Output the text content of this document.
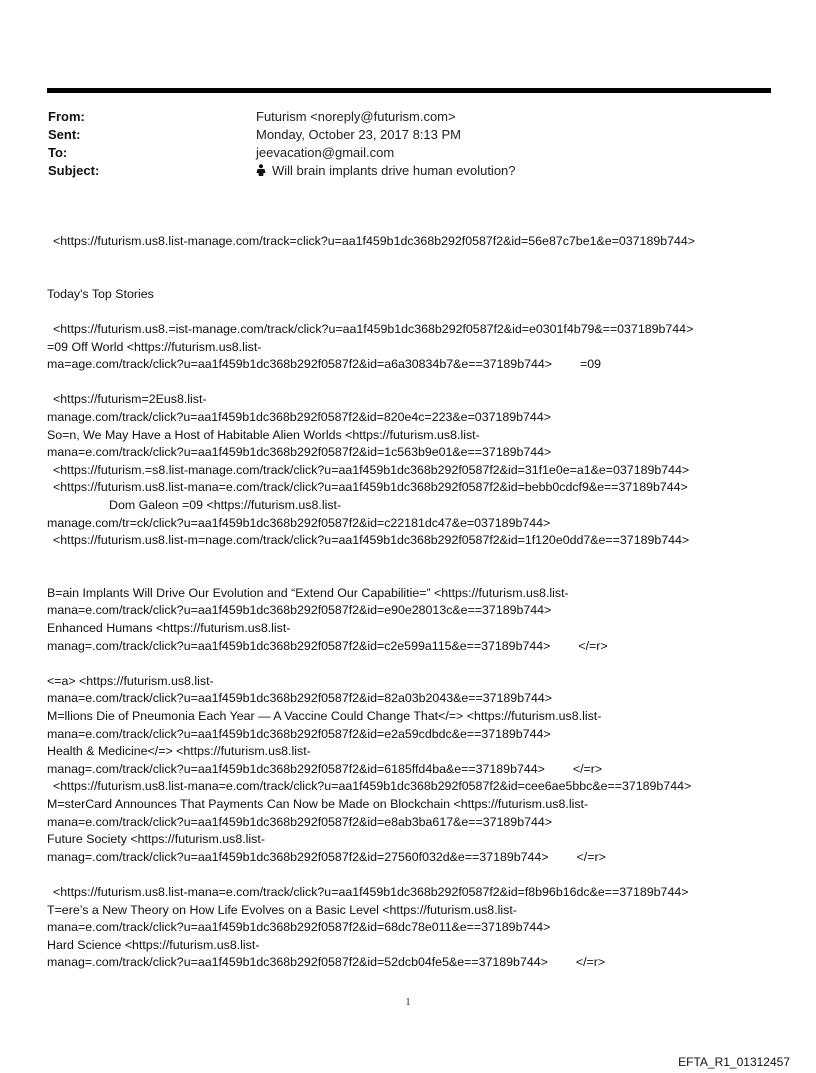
From:	Futurism <noreply@futurism.com>
Sent:	Monday, October 23, 2017 8:13 PM
To:	jeevacation@gmail.com
Subject:	Will brain implants drive human evolution?
<https://futurism.us8.list-manage.com/track=click?u=aa1f459b1dc368b292f0587f2&id=56e87c7be1&e=037189b744>
Today's Top Stories
<https://futurism.us8.=ist-manage.com/track/click?u=aa1f459b1dc368b292f0587f2&id=e0301f4b79&==037189b744>
=09 Off World <https://futurism.us8.list-
ma=age.com/track/click?u=aa1f459b1dc368b292f0587f2&id=a6a30834b7&e==37189b744> =09
<https://futurism=2Eus8.list-
manage.com/track/click?u=aa1f459b1dc368b292f0587f2&id=820e4c=223&e=037189b744>
So=n, We May Have a Host of Habitable Alien Worlds <https://futurism.us8.list-
mana=e.com/track/click?u=aa1f459b1dc368b292f0587f2&id=1c563b9e01&e==37189b744>
<https://futurism.=s8.list-manage.com/track/click?u=aa1f459b1dc368b292f0587f2&id=31f1e0e=a1&e=037189b744>
<https://futurism.us8.list-mana=e.com/track/click?u=aa1f459b1dc368b292f0587f2&id=bebb0cdcf9&e==37189b744>
Dom Galeon =09 <https://futurism.us8.list-
manage.com/tr=ck/click?u=aa1f459b1dc368b292f0587f2&id=c22181dc47&e=037189b744>
<https://futurism.us8.list-m=nage.com/track/click?u=aa1f459b1dc368b292f0587f2&id=1f120e0dd7&e==37189b744>
B=ain Implants Will Drive Our Evolution and “Extend Our Capabilitie=” <https://futurism.us8.list-
mana=e.com/track/click?u=aa1f459b1dc368b292f0587f2&id=e90e28013c&e==37189b744>
Enhanced Humans <https://futurism.us8.list-
manag=.com/track/click?u=aa1f459b1dc368b292f0587f2&id=c2e599a115&e==37189b744> </=r>
<=a> <https://futurism.us8.list-
mana=e.com/track/click?u=aa1f459b1dc368b292f0587f2&id=82a03b2043&e==37189b744>
M=llions Die of Pneumonia Each Year — A Vaccine Could Change That</=> <https://futurism.us8.list-
mana=e.com/track/click?u=aa1f459b1dc368b292f0587f2&id=e2a59cdbdc&e==37189b744>
Health & Medicine</=> <https://futurism.us8.list-
manag=.com/track/click?u=aa1f459b1dc368b292f0587f2&id=6185ffd4ba&e==37189b744> </=r>
<https://futurism.us8.list-mana=e.com/track/click?u=aa1f459b1dc368b292f0587f2&id=cee6ae5bbc&e==37189b744>
M=sterCard Announces That Payments Can Now be Made on Blockchain <https://futurism.us8.list-
mana=e.com/track/click?u=aa1f459b1dc368b292f0587f2&id=e8ab3ba617&e==37189b744>
Future Society <https://futurism.us8.list-
manag=.com/track/click?u=aa1f459b1dc368b292f0587f2&id=27560f032d&e==37189b744> </=r>
<https://futurism.us8.list-mana=e.com/track/click?u=aa1f459b1dc368b292f0587f2&id=f8b96b16dc&e==37189b744>
T=ere’s a New Theory on How Life Evolves on a Basic Level <https://futurism.us8.list-
mana=e.com/track/click?u=aa1f459b1dc368b292f0587f2&id=68dc78e011&e==37189b744>
Hard Science <https://futurism.us8.list-
manag=.com/track/click?u=aa1f459b1dc368b292f0587f2&id=52dcb04fe5&e==37189b744> </=r>
1
EFTA_R1_01312457
